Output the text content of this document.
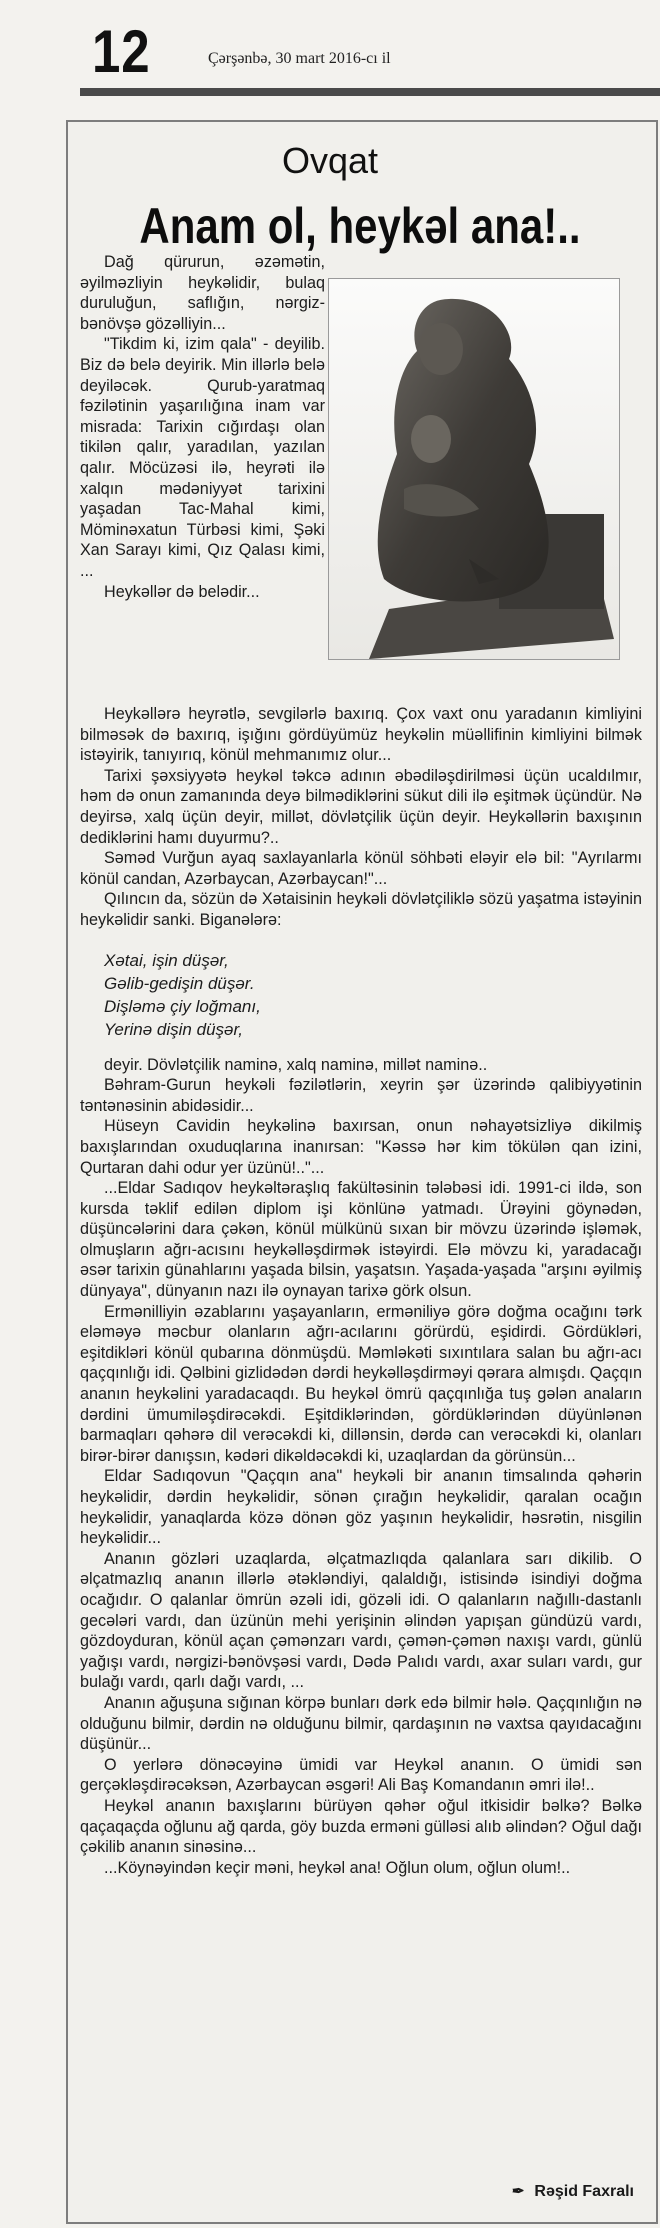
12	Çərşənbə, 30 mart 2016-cı il
Ovqat
Anam ol, heykəl ana!..

Dağ qürurun, əzəmətin, əyilməzliyin heykəlidir, bulaq duruluğun, saflığın, nərgiz-bənövşə gözəlliyin...

"Tikdim ki, izim qala" - deyilib. Biz də belə deyirik. Min illərlə belə deyiləcək. Qurub-yaratmaq fəzilətinin yaşarılığına inam var misrada: Tarixin cığırdaşı olan tikilən qalır, yaradılan, yazılan qalır. Möcüzəsi ilə, heyrəti ilə xalqın mədəniyyət tarixini yaşadan Tac-Mahal kimi, Möminəxatun Türbəsi kimi, Şəki Xan Sarayı kimi, Qız Qalası kimi, ...

Heykəllər də belədir...

Heykəllərə heyrətlə, sevgilərlə baxırıq. Çox vaxt onu yaradanın kimliyini bilməsək də baxırıq, işığını gördüyümüz heykəlin müəllifinin kimliyini bilmək istəyirik, tanıyırıq, könül mehmanımız olur...

Tarixi şəxsiyyətə heykəl təkcə adının əbədiləşdirilməsi üçün ucaldılmır, həm də onun zamanında deyə bilmədiklərini sükut dili ilə eşitmək üçündür. Nə deyirsə, xalq üçün deyir, millət, dövlətçilik üçün deyir. Heykəllərin baxışının dediklərini hamı duyurmu?..

Səməd Vurğun ayaq saxlayanlarla könül söhbəti eləyir elə bil: "Ayrılarmı könül candan, Azərbaycan, Azərbaycan!"...

Qılıncın da, sözün də Xətaisinin heykəli dövlətçiliklə sözü yaşatma istəyinin heykəlidir sanki. Biganələrə:

Xətai, işin düşər,
Gəlib-gedişin düşər.
Dişləmə çiy loğmanı,
Yerinə dişin düşər,

deyir. Dövlətçilik naminə, xalq naminə, millət naminə..

Bəhram-Gurun heykəli fəzilətlərin, xeyrin şər üzərində qalibiyyətinin təntənəsinin abidəsidir...

Hüseyn Cavidin heykəlinə baxırsan, onun nəhayətsizliyə dikilmiş baxışlarından oxuduqlarına inanırsan: "Kəssə hər kim tökülən qan izini, Qurtaran dahi odur yer üzünü!.."...

...Eldar Sadıqov heykəltəraşlıq fakültəsinin tələbəsi idi. 1991-ci ildə, son kursda təklif edilən diplom işi könlünə yatmadı. Ürəyini göynədən, düşüncələrini dara çəkən, könül mülkünü sıxan bir mövzu üzərində işləmək, olmuşların ağrı-acısını heykəlləşdirmək istəyirdi. Elə mövzu ki, yaradacağı əsər tarixin günahlarını yaşada bilsin, yaşatsın. Yaşada-yaşada "arşını əyilmiş dünyaya", dünyanın nazı ilə oynayan tarixə görk olsun.

Ermənilliyin əzablarını yaşayanların, erməniliyə görə doğma ocağını tərk eləməyə məcbur olanların ağrı-acılarını görürdü, eşidirdi. Gördükləri, eşitdikləri könül qubarına dönmüşdü. Məmləkəti sıxıntılara salan bu ağrı-acı qaçqınlığı idi. Qəlbini gizlidədən dərdi heykəlləşdirməyi qərara almışdı. Qaçqın ananın heykəlini yaradacaqdı. Bu heykəl ömrü qaçqınlığa tuş gələn anaların dərdini ümumiləşdirəcəkdi. Eşitdiklərindən, gördüklərindən düyünlənən barmaqları qəhərə dil verəcəkdi ki, dillənsin, dərdə can verəcəkdi ki, olanları birər-birər danışsın, kədəri dikəldəcəkdi ki, uzaqlardan da görünsün...

Eldar Sadıqovun "Qaçqın ana" heykəli bir ananın timsalında qəhərin heykəlidir, dərdin heykəlidir, sönən çırağın heykəlidir, qaralan ocağın heykəlidir, yanaqlarda közə dönən göz yaşının heykəlidir, həsrətin, nisgilin heykəlidir...

Ananın gözləri uzaqlarda, əlçatmazlıqda qalanlara sarı dikilib. O əlçatmazlıq ananın illərlə ətəkləndiyi, qalaldığı, istisində isindiyi doğma ocağıdır. O qalanlar ömrün əzəli idi, gözəli idi. O qalanların nağıllı-dastanlı gecələri vardı, dan üzünün mehi yerişinin əlindən yapışan gündüzü vardı, gözdoyduran, könül açan çəmənzarı vardı, çəmən-çəmən naxışı vardı, günlü yağışı vardı, nərgizi-bənövşəsi vardı, Dədə Palıdı vardı, axar suları vardı, gur bulağı vardı, qarlı dağı vardı, ...

Ananın ağuşuna sığınan körpə bunları dərk edə bilmir hələ. Qaçqınlığın nə olduğunu bilmir, dərdin nə olduğunu bilmir, qardaşının nə vaxtsa qayıdacağını düşünür...

O yerlərə dönəcəyinə ümidi var Heykəl ananın. O ümidi sən gerçəkləşdirəcəksən, Azərbaycan əsgəri! Ali Baş Komandanın əmri ilə!..

Heykəl ananın baxışlarını bürüyən qəhər oğul itkisidir bəlkə? Bəlkə qaçaqaçda oğlunu ağ qarda, göy buzda erməni gülləsi alıb əlindən? Oğul dağı çəkilib ananın sinəsinə...

...Köynəyindən keçir məni, heykəl ana! Oğlun olum, oğlun olum!..

✒ Rəşid Faxralı
